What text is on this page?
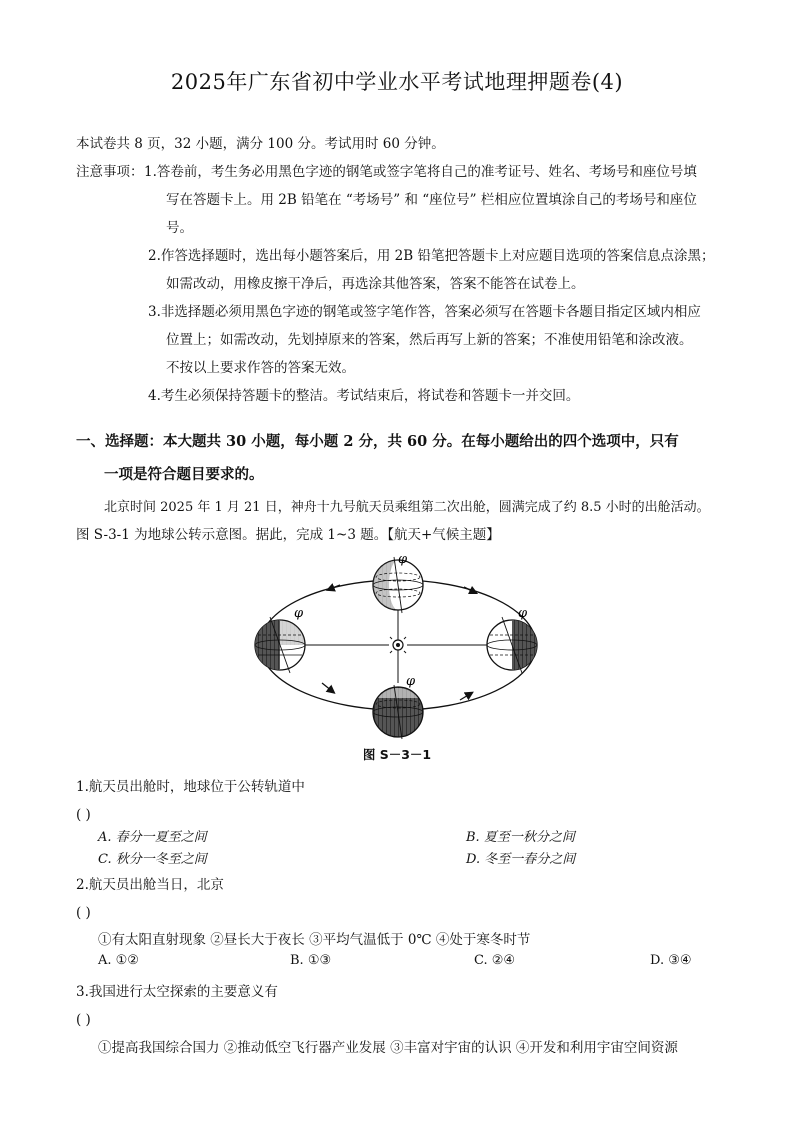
2025年广东省初中学业水平考试地理押题卷(4)
本试卷共 8 页，32 小题，满分 100 分。考试用时 60 分钟。
注意事项： 1.答卷前，考生务必用黑色字迹的钢笔或签字笔将自己的准考证号、姓名、考场号和座位号填
写在答题卡上。用 2B 铅笔在 “考场号” 和 “座位号” 栏相应位置填涂自己的考场号和座位
号。
2.作答选择题时，选出每小题答案后，用 2B 铅笔把答题卡上对应题目选项的答案信息点涂黑；
如需改动，用橡皮擦干净后，再选涂其他答案，答案不能答在试卷上。
3.非选择题必须用黑色字迹的钢笔或签字笔作答，答案必须写在答题卡各题目指定区域内相应
位置上；如需改动，先划掉原来的答案，然后再写上新的答案；不准使用铅笔和涂改液。
不按以上要求作答的答案无效。
4.考生必须保持答题卡的整洁。考试结束后，将试卷和答题卡一并交回。
一、选择题：本大题共 30 小题，每小题 2 分，共 60 分。在每小题给出的四个选项中，只有
一项是符合题目要求的。
北京时间 2025 年 1 月 21 日，神舟十九号航天员乘组第二次出舱，圆满完成了约 8.5 小时的出舱活动。
图 S-3-1 为地球公转示意图。据此，完成 1~3 题。【航天+气候主题】
φ
φ
φ
φ
图 S－3－1
1.航天员出舱时，地球位于公转轨道中
( )
A. 春分一夏至之间	B. 夏至一秋分之间
C. 秋分一冬至之间	D. 冬至一春分之间
2.航天员出舱当日，北京
( )
①有太阳直射现象 ②昼长大于夜长 ③平均气温低于 0℃ ④处于寒冬时节
A. ①②	B. ①③	C. ②④	D. ③④
3.我国进行太空探索的主要意义有
( )
①提高我国综合国力 ②推动低空飞行器产业发展 ③丰富对宇宙的认识 ④开发和利用宇宙空间资源
